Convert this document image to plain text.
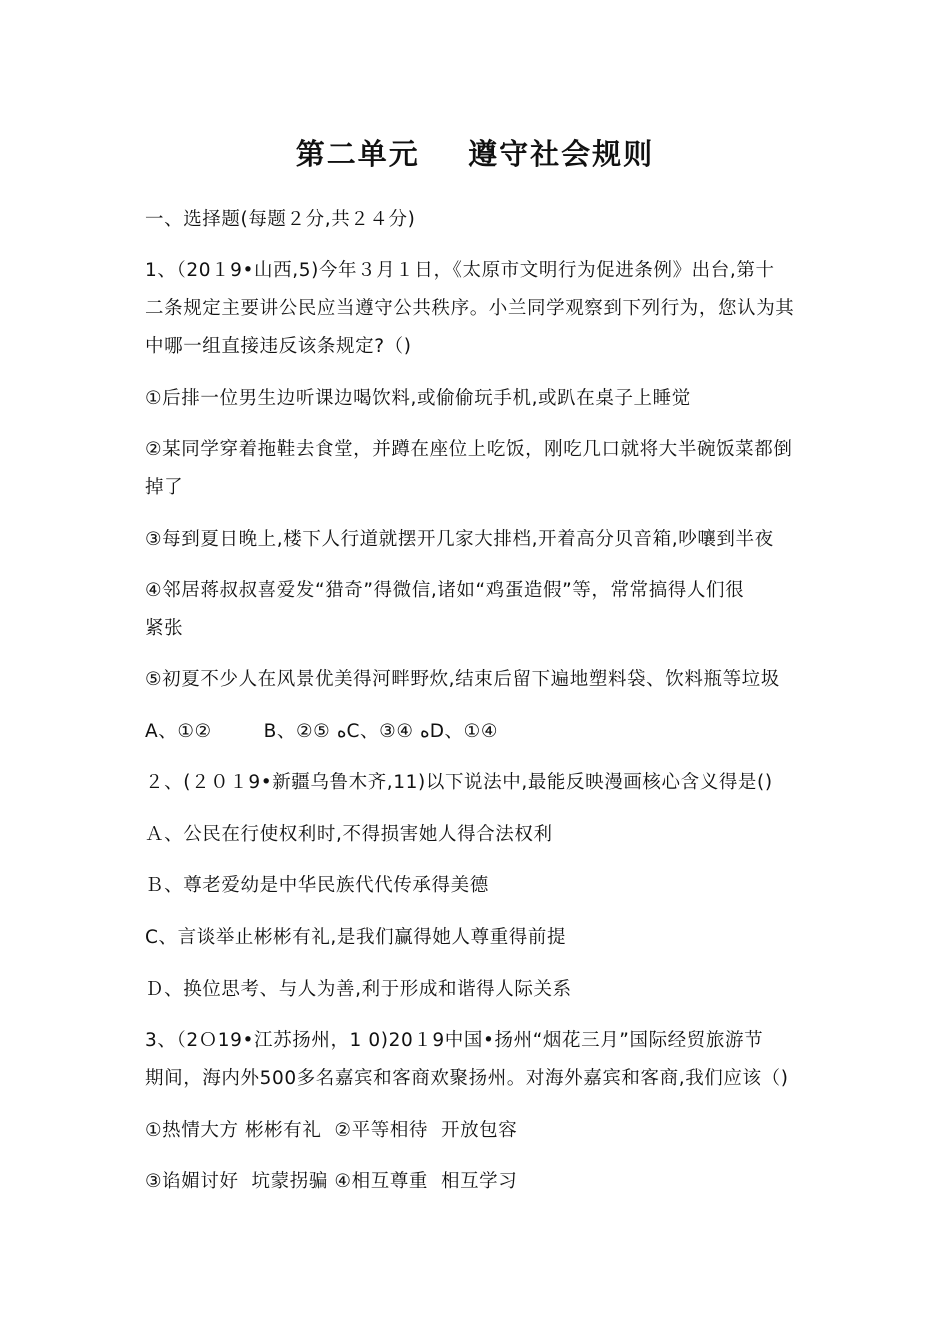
第二单元    遵守社会规则
一、选择题(每题２分,共２４分)
1、（20１9•山西,5)今年３月１日，《太原市文明行为促进条例》出台,第十
二条规定主要讲公民应当遵守公共秩序。小兰同学观察到下列行为，您认为其
中哪一组直接违反该条规定?（)
①后排一位男生边听课边喝饮料,或偷偷玩手机,或趴在桌子上睡觉
②某同学穿着拖鞋去食堂，并蹲在座位上吃饭，刚吃几口就将大半碗饭菜都倒
掉了
③每到夏日晚上,楼下人行道就摆开几家大排档,开着高分贝音箱,吵嚷到半夜
④邻居蒋叔叔喜爱发“猎奇”得微信,诸如“鸡蛋造假”等，常常搞得人们很
紧张
⑤初夏不少人在风景优美得河畔野炊,结束后留下遍地塑料袋、饮料瓶等垃圾
A、①②        B、②⑤ ﻩC、③④ ﻩD、①④
２、(２０１9•新疆乌鲁木齐,11)以下说法中,最能反映漫画核心含义得是()
Ａ、公民在行使权利时,不得损害她人得合法权利
Ｂ、尊老爱幼是中华民族代代传承得美德
C、言谈举止彬彬有礼,是我们赢得她人尊重得前提
Ｄ、换位思考、与人为善,利于形成和谐得人际关系
3、（2Ｏ19•江苏扬州，1 0)20１9中国•扬州“烟花三月”国际经贸旅游节
期间，海内外500多名嘉宾和客商欢聚扬州。对海外嘉宾和客商,我们应该（)
①热情大方 彬彬有礼  ②平等相待  开放包容
③谄媚讨好  坑蒙拐骗 ④相互尊重  相互学习
